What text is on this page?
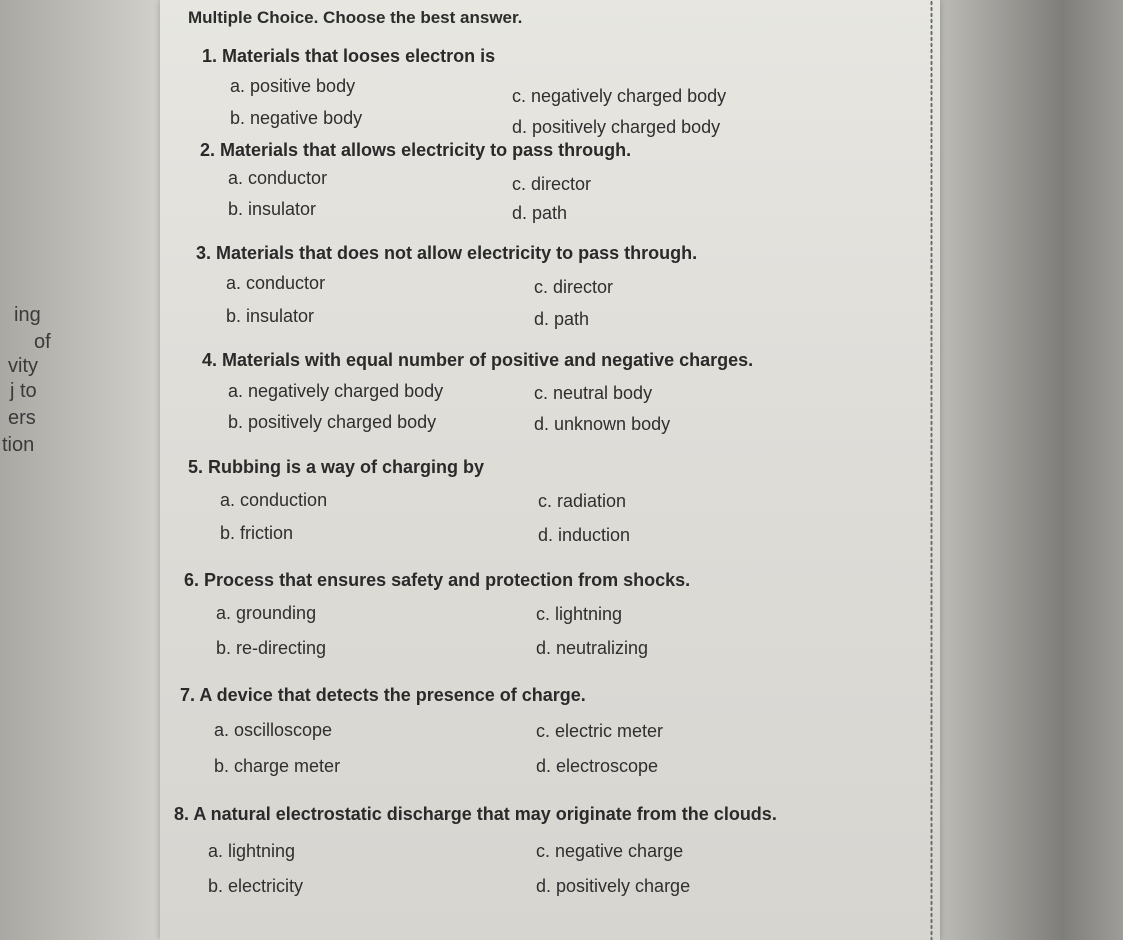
ing
of
vity
j to
ers
tion
Multiple Choice. Choose the best answer.
1. Materials that looses electron is
a. positive body
b. negative body
c. negatively charged body
d. positively charged body
2. Materials that allows electricity to pass through.
a. conductor
b. insulator
c. director
d. path
3. Materials that does not allow electricity to pass through.
a. conductor
b. insulator
c. director
d. path
4. Materials with equal number of positive and negative charges.
a. negatively charged body
b. positively charged body
c. neutral body
d. unknown body
5. Rubbing is a way of charging by
a. conduction
b. friction
c. radiation
d. induction
6. Process that ensures safety and protection from shocks.
a. grounding
b. re-directing
c. lightning
d. neutralizing
7. A device that detects the presence of charge.
a. oscilloscope
b. charge meter
c. electric meter
d. electroscope
8. A natural electrostatic discharge that may originate from the clouds.
a. lightning
b. electricity
c. negative charge
d. positively charge
